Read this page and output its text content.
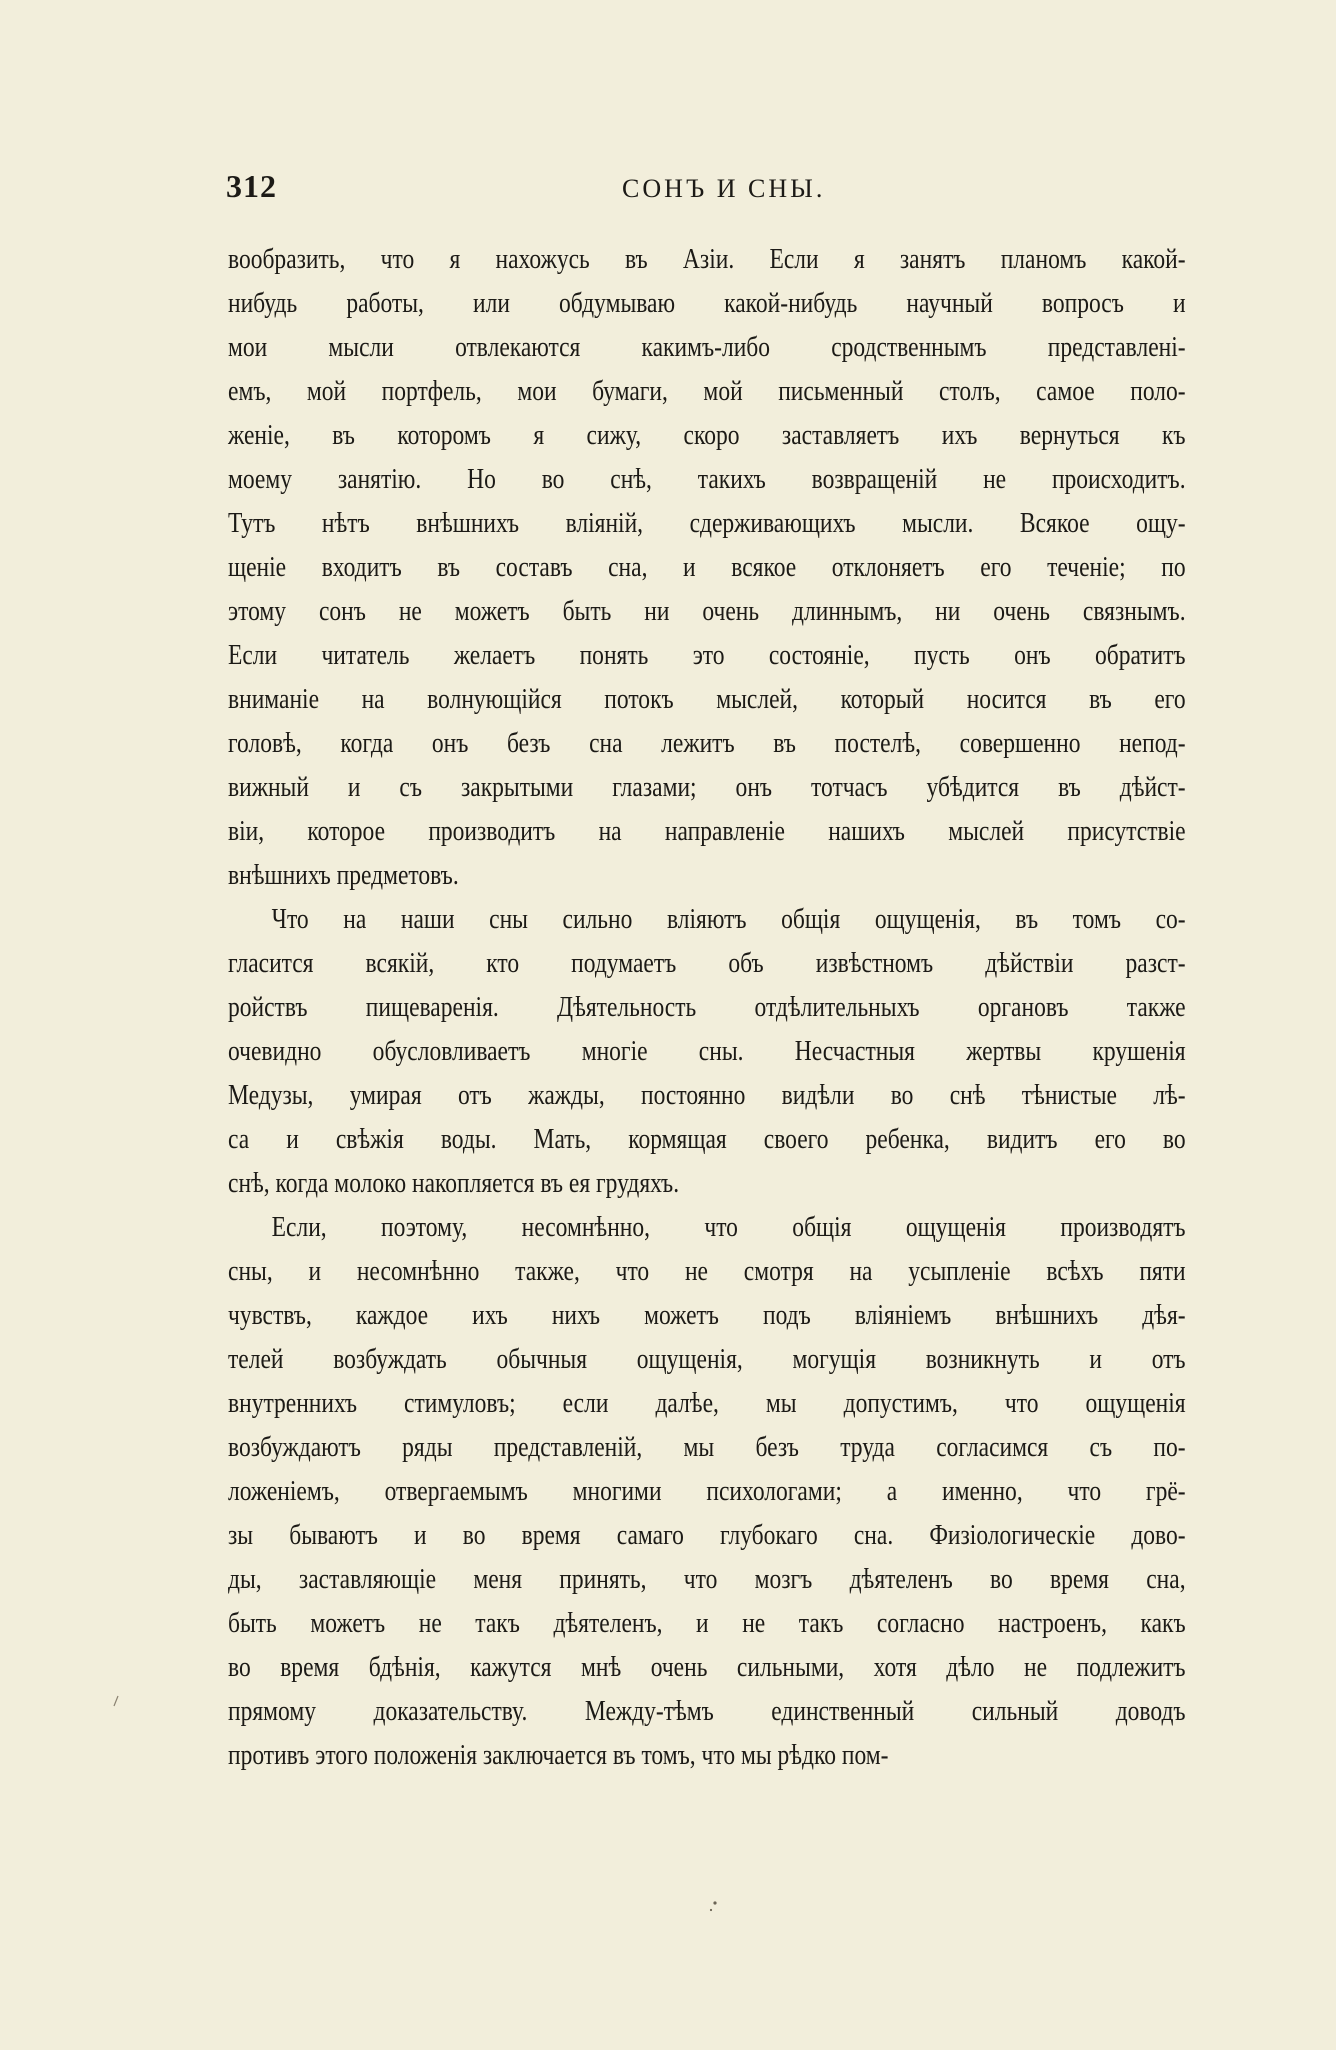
312	СОНЪ И СНЫ.
вообразить, что я нахожусь въ Азіи. Если я занятъ планомъ какой-
нибудь работы, или обдумываю какой-нибудь научный вопросъ и
мои мысли отвлекаются какимъ-либо сродственнымъ представлені-
емъ, мой портфель, мои бумаги, мой письменный столъ, самое поло-
женіе, въ которомъ я сижу, скоро заставляетъ ихъ вернуться къ
моему занятію. Но во снѣ, такихъ возвращеній не происходитъ.
Тутъ нѣтъ внѣшнихъ вліяній, сдерживающихъ мысли. Всякое ощу-
щеніе входитъ въ составъ сна, и всякое отклоняетъ его теченіе; по
этому сонъ не можетъ быть ни очень длиннымъ, ни очень связнымъ.
Если читатель желаетъ понять это состояніе, пусть онъ обратитъ
вниманіе на волнующійся потокъ мыслей, который носится въ его
головѣ, когда онъ безъ сна лежитъ въ постелѣ, совершенно непод-
вижный и съ закрытыми глазами; онъ тотчасъ убѣдится въ дѣйст-
віи, которое производитъ на направленіе нашихъ мыслей присутствіе
внѣшнихъ предметовъ.
Что на наши сны сильно вліяютъ общія ощущенія, въ томъ со-
гласится всякій, кто подумаетъ объ извѣстномъ дѣйствіи разст-
ройствъ пищеваренія. Дѣятельность отдѣлительныхъ органовъ также
очевидно обусловливаетъ многіе сны. Несчастныя жертвы крушенія
Медузы, умирая отъ жажды, постоянно видѣли во снѣ тѣнистые лѣ-
са и свѣжія воды. Мать, кормящая своего ребенка, видитъ его во
снѣ, когда молоко накопляется въ ея грудяхъ.
Если, поэтому, несомнѣнно, что общія ощущенія производятъ
сны, и несомнѣнно также, что не смотря на усыпленіе всѣхъ пяти
чувствъ, каждое ихъ нихъ можетъ подъ вліяніемъ внѣшнихъ дѣя-
телей возбуждать обычныя ощущенія, могущія возникнуть и отъ
внутреннихъ стимуловъ; если далѣе, мы допустимъ, что ощущенія
возбуждаютъ ряды представленій, мы безъ труда согласимся съ по-
ложеніемъ, отвергаемымъ многими психологами; а именно, что грё-
зы бываютъ и во время самаго глубокаго сна. Физіологическіе дово-
ды, заставляющіе меня принять, что мозгъ дѣятеленъ во время сна,
быть можетъ не такъ дѣятеленъ, и не такъ согласно настроенъ, какъ
во время бдѣнія, кажутся мнѣ очень сильными, хотя дѣло не подлежитъ
прямому доказательству. Между-тѣмъ единственный сильный доводъ
противъ этого положенія заключается въ томъ, что мы рѣдко пом-
